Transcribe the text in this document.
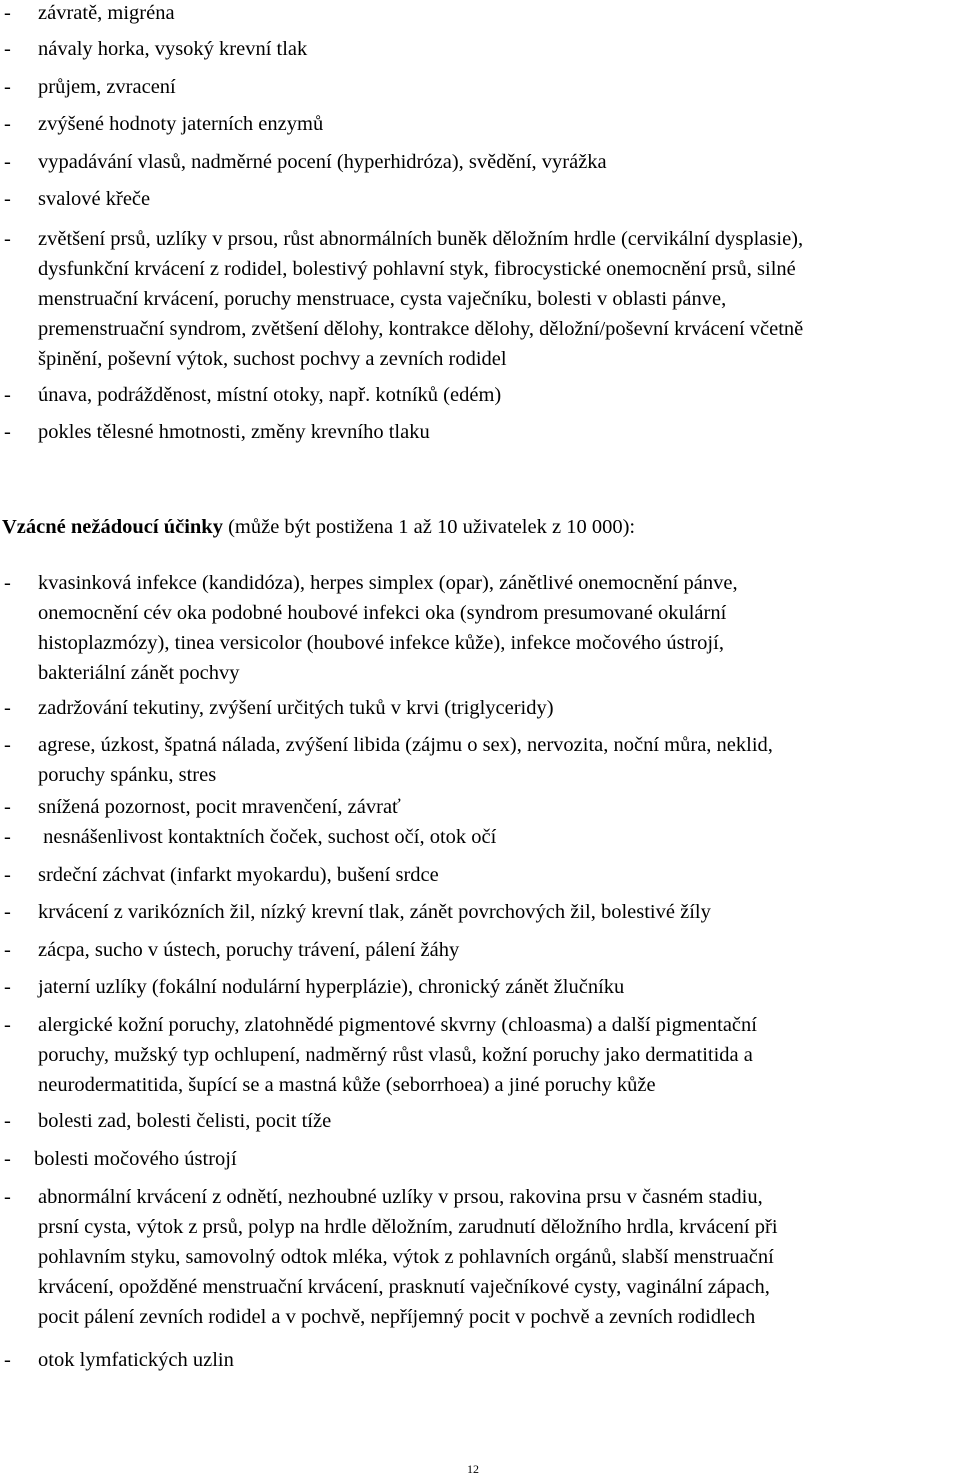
- závratě, migréna
- návaly horka, vysoký krevní tlak
- průjem, zvracení
- zvýšené hodnoty jaterních enzymů
- vypadávání vlasů, nadměrné pocení (hyperhidróza), svědění, vyrážka
- svalové křeče
- zvětšení prsů, uzlíky v prsou, růst abnormálních buněk děložním hrdle (cervikální dysplasie),
dysfunkční krvácení z rodidel, bolestivý pohlavní styk, fibrocystické onemocnění prsů, silné
menstruační krvácení, poruchy menstruace, cysta vaječníku, bolesti v oblasti pánve,
premenstruační syndrom, zvětšení dělohy, kontrakce dělohy, děložní/poševní krvácení včetně
špinění, poševní výtok, suchost pochvy a zevních rodidel
- únava, podrážděnost, místní otoky, např. kotníků (edém)
- pokles tělesné hmotnosti, změny krevního tlaku
Vzácné nežádoucí účinky (může být postižena 1 až 10 uživatelek z 10 000):
- kvasinková infekce (kandidóza), herpes simplex (opar), zánětlivé onemocnění pánve,
onemocnění cév oka podobné houbové infekci oka (syndrom presumované okulární
histoplazmózy), tinea versicolor (houbové infekce kůže), infekce močového ústrojí,
bakteriální zánět pochvy
- zadržování tekutiny, zvýšení určitých tuků v krvi (triglyceridy)
- agrese, úzkost, špatná nálada, zvýšení libida (zájmu o sex), nervozita, noční můra, neklid,
poruchy spánku, stres
- snížená pozornost, pocit mravenčení, závrať
- nesnášenlivost kontaktních čoček, suchost očí, otok očí
- srdeční záchvat (infarkt myokardu), bušení srdce
- krvácení z varikózních žil, nízký krevní tlak, zánět povrchových žil, bolestivé žíly
- zácpa, sucho v ústech, poruchy trávení, pálení žáhy
- jaterní uzlíky (fokální nodulární hyperplázie), chronický zánět žlučníku
- alergické kožní poruchy, zlatohnědé pigmentové skvrny (chloasma) a další pigmentační
poruchy, mužský typ ochlupení, nadměrný růst vlasů, kožní poruchy jako dermatitida a
neurodermatitida, šupící se a mastná kůže (seborrhoea) a jiné poruchy kůže
- bolesti zad, bolesti čelisti, pocit tíže
- bolesti močového ústrojí
- abnormální krvácení z odnětí, nezhoubné uzlíky v prsou, rakovina prsu v časném stadiu,
prsní cysta, výtok z prsů, polyp na hrdle děložním, zarudnutí děložního hrdla, krvácení při
pohlavním styku, samovolný odtok mléka, výtok z pohlavních orgánů, slabší menstruační
krvácení, opožděné menstruační krvácení, prasknutí vaječníkové cysty, vaginální zápach,
pocit pálení zevních rodidel a v pochvě, nepříjemný pocit v pochvě a zevních rodidlech
- otok lymfatických uzlin
12
